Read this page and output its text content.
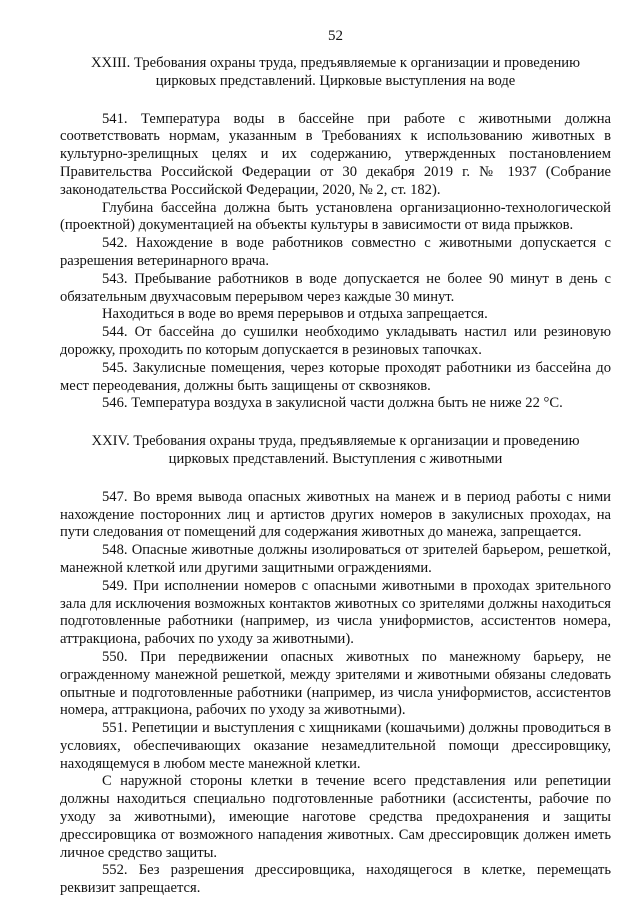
52
XXIII. Требования охраны труда, предъявляемые к организации и проведению
цирковых представлений. Цирковые выступления на воде

541. Температура воды в бассейне при работе с животными должна соответствовать нормам, указанным в Требованиях к использованию животных в культурно-зрелищных целях и их содержанию, утвержденных постановлением Правительства Российской Федерации от 30 декабря 2019 г. № 1937 (Собрание законодательства Российской Федерации, 2020, № 2, ст. 182).

Глубина бассейна должна быть установлена организационно-технологической (проектной) документацией на объекты культуры в зависимости от вида прыжков.

542. Нахождение в воде работников совместно с животными допускается с разрешения ветеринарного врача.

543. Пребывание работников в воде допускается не более 90 минут в день с обязательным двухчасовым перерывом через каждые 30 минут.

Находиться в воде во время перерывов и отдыха запрещается.

544. От бассейна до сушилки необходимо укладывать настил или резиновую дорожку, проходить по которым допускается в резиновых тапочках.

545. Закулисные помещения, через которые проходят работники из бассейна до мест переодевания, должны быть защищены от сквозняков.

546. Температура воздуха в закулисной части должна быть не ниже 22 °С.

XXIV. Требования охраны труда, предъявляемые к организации и проведению
цирковых представлений. Выступления с животными

547. Во время вывода опасных животных на манеж и в период работы с ними нахождение посторонних лиц и артистов других номеров в закулисных проходах, на пути следования от помещений для содержания животных до манежа, запрещается.

548. Опасные животные должны изолироваться от зрителей барьером, решеткой, манежной клеткой или другими защитными ограждениями.

549. При исполнении номеров с опасными животными в проходах зрительного зала для исключения возможных контактов животных со зрителями должны находиться подготовленные работники (например, из числа униформистов, ассистентов номера, аттракциона, рабочих по уходу за животными).

550. При передвижении опасных животных по манежному барьеру, не огражденному манежной решеткой, между зрителями и животными обязаны следовать опытные и подготовленные работники (например, из числа униформистов, ассистентов номера, аттракциона, рабочих по уходу за животными).

551. Репетиции и выступления с хищниками (кошачьими) должны проводиться в условиях, обеспечивающих оказание незамедлительной помощи дрессировщику, находящемуся в любом месте манежной клетки.

С наружной стороны клетки в течение всего представления или репетиции должны находиться специально подготовленные работники (ассистенты, рабочие по уходу за животными), имеющие наготове средства предохранения и защиты дрессировщика от возможного нападения животных. Сам дрессировщик должен иметь личное средство защиты.

552. Без разрешения дрессировщика, находящегося в клетке, перемещать реквизит запрещается.
